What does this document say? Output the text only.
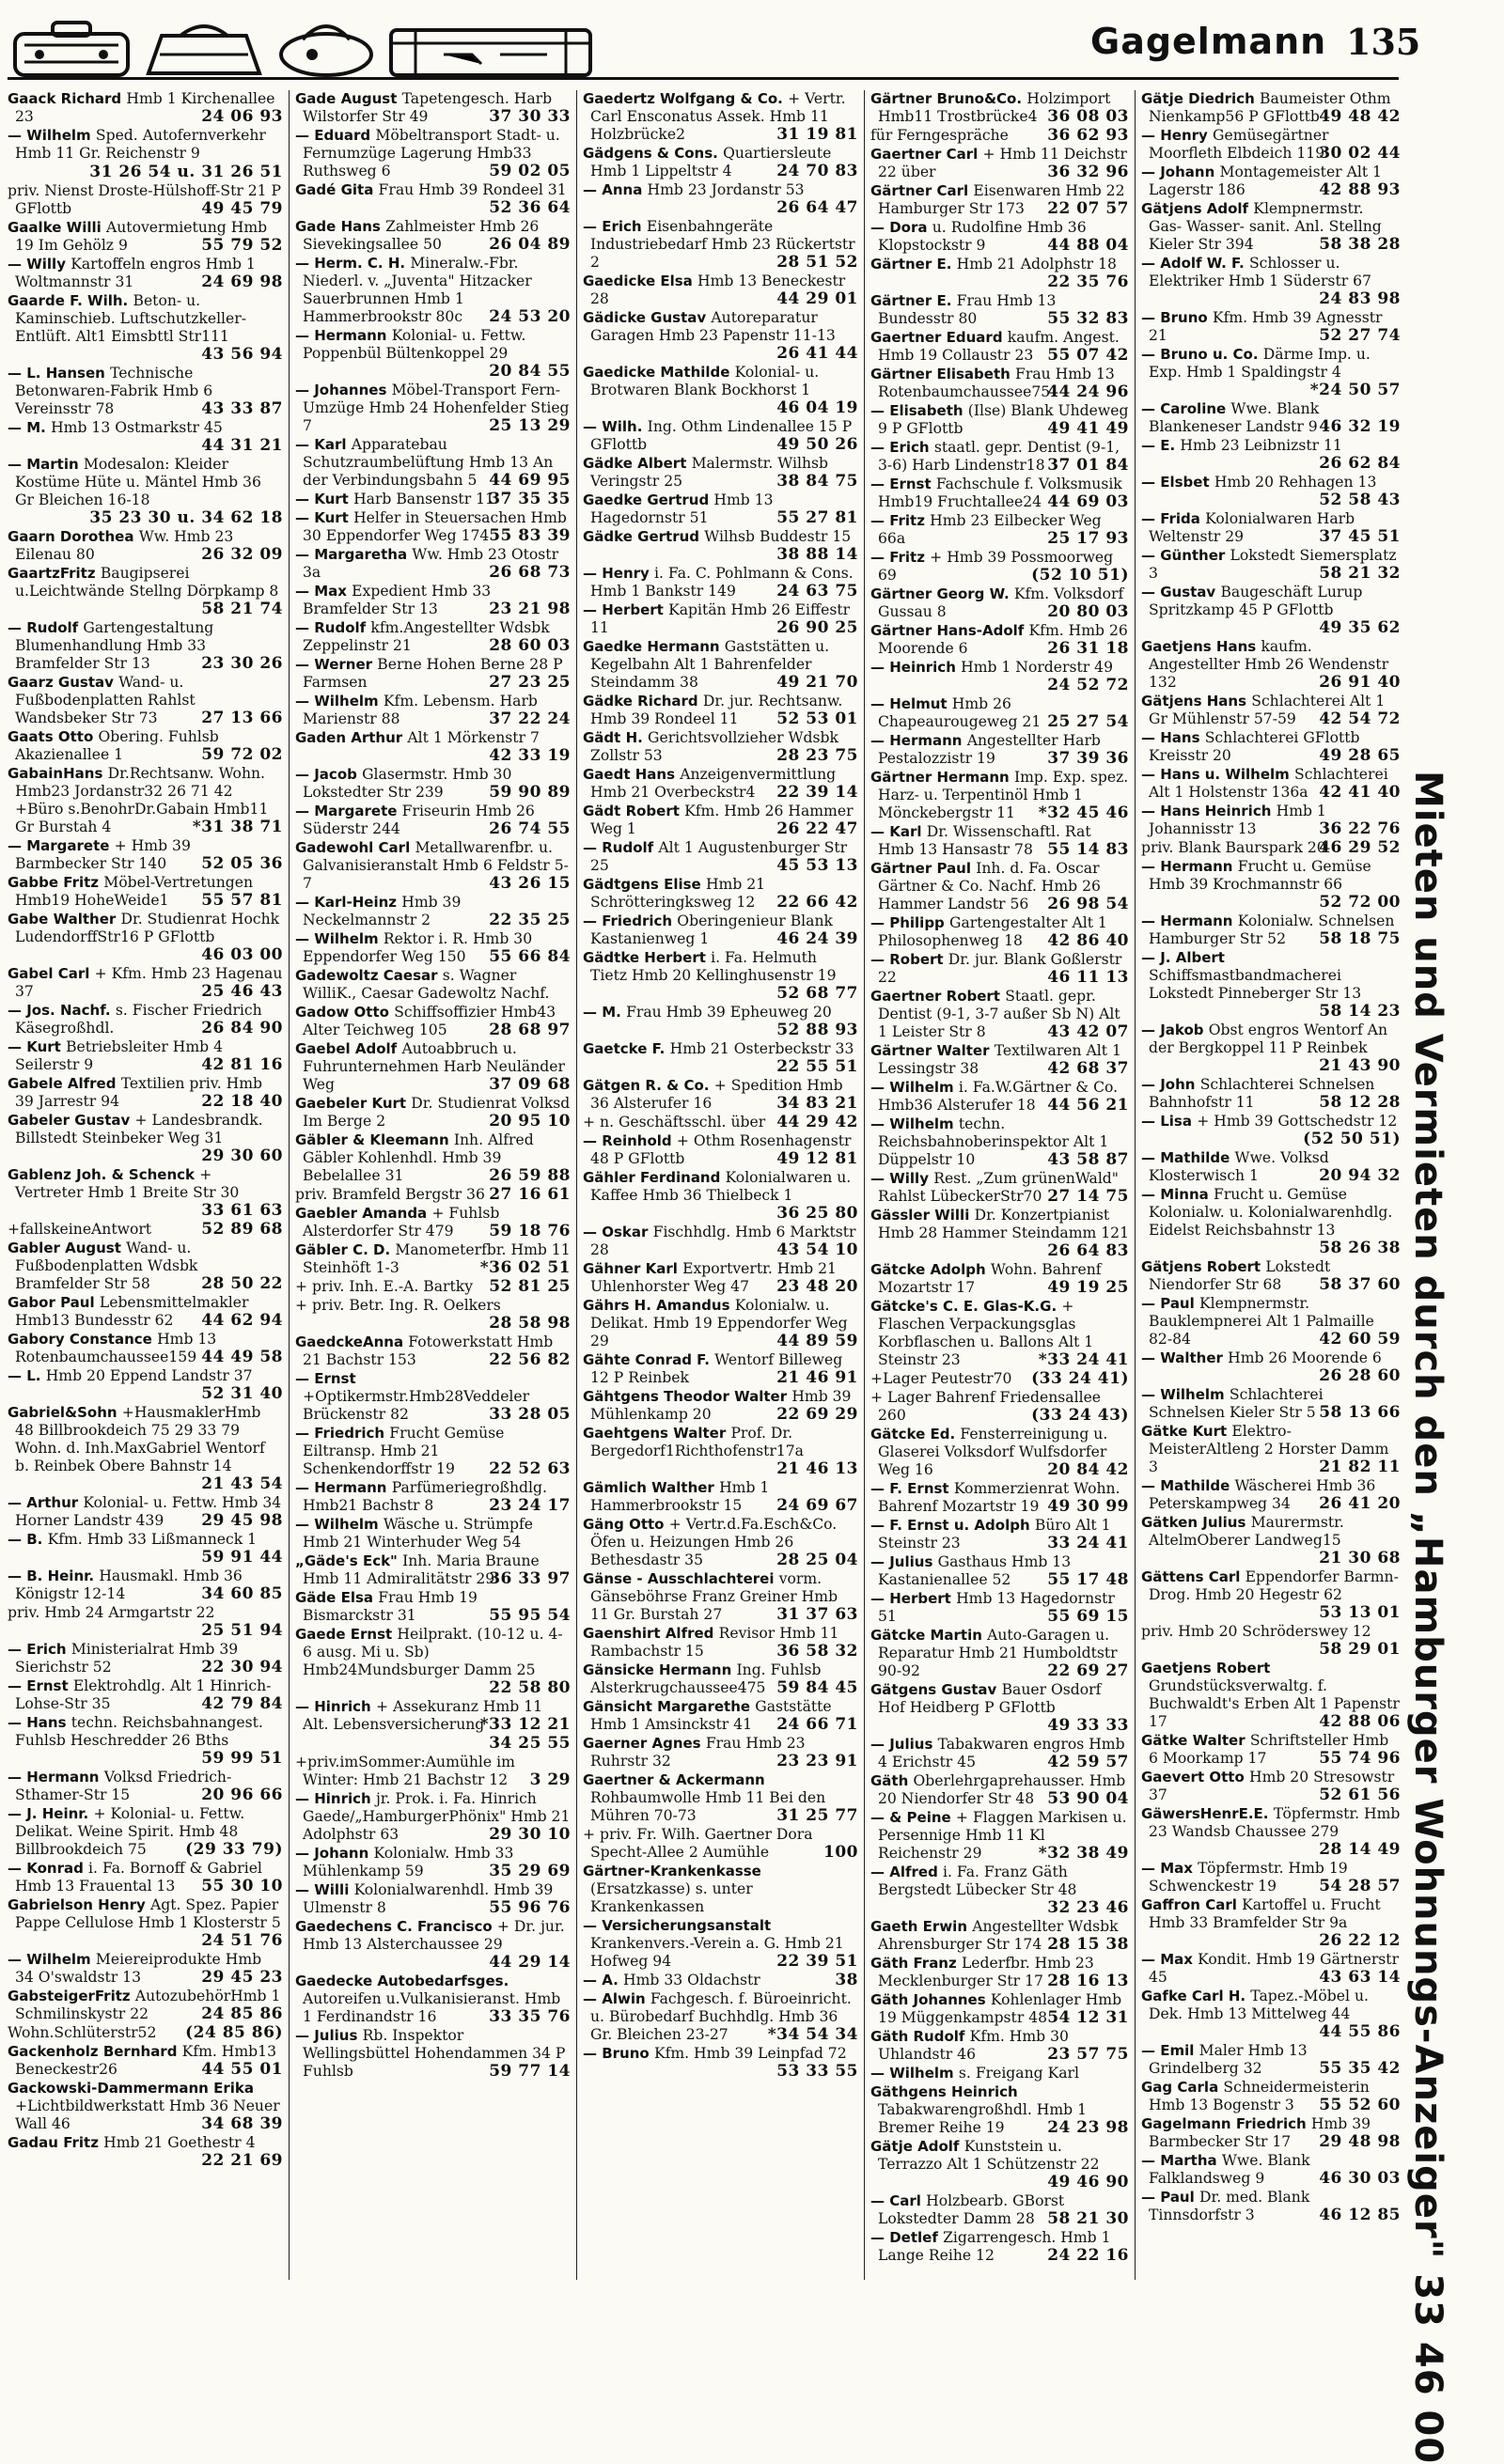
Gagelmann 135
Gaack Richard Hmb 1 Kirchenallee 23	24 06 93
— Wilhelm Sped. Autofernverkehr Hmb 11 Gr. Reichenstr 9
31 26 54 u. 31 26 51
priv. Nienst Droste-Hülshoff-Str 21 P GFlottb	49 45 79
Gaalke Willi Autovermietung Hmb 19 Im Gehölz 9	55 79 52
— Willy Kartoffeln engros Hmb 1 Woltmannstr 31	24 69 98
Gaarde F. Wilh. Beton- u. Kaminschieb. Luftschutzkeller-Entlüft. Alt1 Eimsbttl Str111
43 56 94
— L. Hansen Technische Betonwaren-Fabrik Hmb 6 Vereinsstr 78	43 33 87
— M. Hmb 13 Ostmarkstr 45
44 31 21
— Martin Modesalon: Kleider Kostüme Hüte u. Mäntel Hmb 36 Gr Bleichen 16-18
35 23 30 u. 34 62 18
Gaarn Dorothea Ww. Hmb 23 Eilenau 80	26 32 09
GaartzFritz Baugipserei u.Leichtwände Stellng Dörpkamp 8
58 21 74
— Rudolf Gartengestaltung Blumenhandlung Hmb 33 Bramfelder Str 13	23 30 26
Gaarz Gustav Wand- u. Fußbodenplatten Rahlst Wandsbeker Str 73	27 13 66
Gaats Otto Obering. Fuhlsb Akazienallee 1	59 72 02
GabainHans Dr.Rechtsanw. Wohn. Hmb23 Jordanstr32 26 71 42 +Büro s.BenohrDr.Gabain Hmb11 Gr Burstah 4	*31 38 71
— Margarete + Hmb 39 Barmbecker Str 140 52 05 36
Gabbe Fritz Möbel-Vertretungen Hmb19 HoheWeide1 55 57 81
Gabe Walther Dr. Studienrat Hochk LudendorffStr16 P GFlottb
46 03 00
Gabel Carl + Kfm. Hmb 23 Hagenau 37	25 46 43
— Jos. Nachf. s. Fischer Friedrich Käsegroßhdl.	26 84 90
— Kurt Betriebsleiter Hmb 4 Seilerstr 9	42 81 16
Gabele Alfred Textilien priv. Hmb 39 Jarrestr 94	22 18 40
Gabeler Gustav + Landesbrandk. Billstedt Steinbeker Weg 31
29 30 60
Gablenz Joh. & Schenck + Vertreter Hmb 1 Breite Str 30
33 61 63
+fallskeineAntwort	52 89 68
Gabler August Wand- u. Fußbodenplatten Wdsbk Bramfelder Str 58	28 50 22
Gabor Paul Lebensmittelmakler Hmb13 Bundesstr 62 44 62 94
Gabory Constance Hmb 13 Rotenbaumchaussee159 44 49 58
— L. Hmb 20 Eppend Landstr 37
52 31 40
Gabriel&Sohn +HausmaklerHmb 48 Billbrookdeich 75 29 33 79 Wohn. d. Inh.MaxGabriel Wentorf b. Reinbek Obere Bahnstr 14
21 43 54
— Arthur Kolonial- u. Fettw. Hmb 34 Horner Landstr 439 29 45 98
— B. Kfm. Hmb 33 Lißmanneck 1
59 91 44
— B. Heinr. Hausmakl. Hmb 36 Königstr 12-14	34 60 85
priv. Hmb 24 Armgartstr 22
25 51 94
— Erich Ministerialrat Hmb 39 Sierichstr 52	22 30 94
— Ernst Elektrohdlg. Alt 1 Hinrich-Lohse-Str 35	42 79 84
— Hans techn. Reichsbahnangest. Fuhlsb Heschredder 26 Bths
59 99 51
— Hermann Volksd Friedrich-Sthamer-Str 15	20 96 66
— J. Heinr. + Kolonial- u. Fettw. Delikat. Weine Spirit. Hmb 48 Billbrookdeich 75 (29 33 79)
— Konrad i. Fa. Bornoff & Gabriel Hmb 13 Frauental 13 55 30 10
Gabrielson Henry Agt. Spez. Papier Pappe Cellulose Hmb 1 Klosterstr 5
24 51 76
— Wilhelm Meiereiprodukte Hmb 34 O'swaldstr 13	29 45 23
GabsteigerFritz AutozubehörHmb 1 Schmilinskystr 22	24 85 86
Wohn.Schlüterstr52 (24 85 86)
Gackenholz Bernhard Kfm. Hmb13 Beneckestr26	44 55 01
Gackowski-Dammermann Erika +Lichtbildwerkstatt Hmb 36 Neuer Wall 46	34 68 39
Gadau Fritz Hmb 21 Goethestr 4
22 21 69
Gade August Tapetengesch. Harb Wilstorfer Str 49	37 30 33
— Eduard Möbeltransport Stadt- u. Fernumzüge Lagerung Hmb33 Ruthsweg 6	59 02 05
Gadé Gita Frau Hmb 39 Rondeel 31
52 36 64
Gade Hans Zahlmeister Hmb 26 Sievekingsallee 50	26 04 89
— Herm. C. H. Mineralw.-Fbr. Niederl. v. „Juventa" Hitzacker Sauerbrunnen Hmb 1 Hammerbrookstr 80c 24 53 20
— Hermann Kolonial- u. Fettw. Poppenbül Bültenkoppel 29
20 84 55
— Johannes Möbel-Transport Fern-Umzüge Hmb 24 Hohenfelder Stieg 7	25 13 29
— Karl Apparatebau Schutzraumbelüftung Hmb 13 An der Verbindungsbahn 5 44 69 95
— Kurt Harb Bansenstr 11
37 35 35
— Kurt Helfer in Steuersachen Hmb 30 Eppendorfer Weg 174 55 83 39
— Margaretha Ww. Hmb 23 Otostr 3a	26 68 73
— Max Expedient Hmb 33 Bramfelder Str 13	23 21 98
— Rudolf kfm.Angestellter Wdsbk Zeppelinstr 21	28 60 03
— Werner Berne Hohen Berne 28 P Farmsen	27 23 25
— Wilhelm Kfm. Lebensm. Harb Marienstr 88	37 22 24
Gaden Arthur Alt 1 Mörkenstr 7
42 33 19
— Jacob Glasermstr. Hmb 30 Lokstedter Str 239	59 90 89
— Margarete Friseurin Hmb 26 Süderstr 244	26 74 55
Gadewohl Carl Metallwarenfbr. u. Galvanisieranstalt Hmb 6 Feldstr 5-7	43 26 15
— Karl-Heinz Hmb 39 Neckelmannstr 2	22 35 25
— Wilhelm Rektor i. R. Hmb 30 Eppendorfer Weg 150 55 66 84
Gadewoltz Caesar s. Wagner WilliK., Caesar Gadewoltz Nachf.
Gadow Otto Schiffsoffizier Hmb43 Alter Teichweg 105	28 68 97
Gaebel Adolf Autoabbruch u. Fuhrunternehmen Harb Neuländer Weg	37 09 68
Gaebeler Kurt Dr. Studienrat Volksd Im Berge 2	20 95 10
Gäbler & Kleemann Inh. Alfred Gäbler Kohlenhdl. Hmb 39 Bebelallee 31	26 59 88
priv. Bramfeld Bergstr 36 27 16 61
Gaebler Amanda + Fuhlsb Alsterdorfer Str 479 59 18 76
Gäbler C. D. Manometerfbr. Hmb 11 Steinhöft 1-3	*36 02 51
+ priv. Inh. E.-A. Bartky 52 81 25
+ priv. Betr. Ing. R. Oelkers
28 58 98
GaedckeAnna Fotowerkstatt Hmb 21 Bachstr 153	22 56 82
— Ernst +Optikermstr.Hmb28Veddeler Brückenstr 82	33 28 05
— Friedrich Frucht Gemüse Eiltransp. Hmb 21 Schenkendorffstr 19 22 52 63
— Hermann Parfümeriegroßhdlg. Hmb21 Bachstr 8	23 24 17
— Wilhelm Wäsche u. Strümpfe Hmb 21 Winterhuder Weg 54
„Gäde's Eck" Inh. Maria Braune Hmb 11 Admiralitätstr 29
36 33 97
Gäde Elsa Frau Hmb 19 Bismarckstr 31	55 95 54
Gaede Ernst Heilprakt. (10-12 u. 4-6 ausg. Mi u. Sb) Hmb24Mundsburger Damm 25
22 58 80
— Hinrich + Assekuranz Hmb 11 Alt. Lebensversicherung
*33 12 21
34 25 55
+priv.imSommer:Aumühle im Winter: Hmb 21 Bachstr 12 3 29
— Hinrich jr. Prok. i. Fa. Hinrich Gaede/„HamburgerPhönix" Hmb 21 Adolphstr 63	29 30 10
— Johann Kolonialw. Hmb 33 Mühlenkamp 59	35 29 69
— Willi Kolonialwarenhdl. Hmb 39 Ulmenstr 8	55 96 76
Gaedechens C. Francisco + Dr. jur. Hmb 13 Alsterchaussee 29
44 29 14
Gaedecke Autobedarfsges. Autoreifen u.Vulkanisieranst. Hmb 1 Ferdinandstr 16	33 35 76
— Julius Rb. Inspektor Wellingsbüttel Hohendammen 34 P Fuhlsb	59 77 14
Gaedertz Wolfgang & Co. + Vertr. Carl Ensconatus Assek. Hmb 11 Holzbrücke2	31 19 81
Gädgens & Cons. Quartiersleute Hmb 1 Lippeltstr 4	24 70 83
— Anna Hmb 23 Jordanstr 53
26 64 47
— Erich Eisenbahngeräte Industriebedarf Hmb 23 Rückertstr 2	28 51 52
Gaedicke Elsa Hmb 13 Beneckestr 28	44 29 01
Gädicke Gustav Autoreparatur Garagen Hmb 23 Papenstr 11-13
26 41 44
Gaedicke Mathilde Kolonial- u. Brotwaren Blank Bockhorst 1
46 04 19
— Wilh. Ing. Othm Lindenallee 15 P GFlottb	49 50 26
Gädke Albert Malermstr. Wilhsb Veringstr 25	38 84 75
Gaedke Gertrud Hmb 13 Hagedornstr 51	55 27 81
Gädke Gertrud Wilhsb Buddestr 15
38 88 14
— Henry i. Fa. C. Pohlmann & Cons. Hmb 1 Bankstr 149	24 63 75
— Herbert Kapitän Hmb 26 Eiffestr 11	26 90 25
Gaedke Hermann Gaststätten u. Kegelbahn Alt 1 Bahrenfelder Steindamm 38	49 21 70
Gädke Richard Dr. jur. Rechtsanw. Hmb 39 Rondeel 11 52 53 01
Gädt H. Gerichtsvollzieher Wdsbk Zollstr 53	28 23 75
Gaedt Hans Anzeigenvermittlung Hmb 21 Overbeckstr4 22 39 14
Gädt Robert Kfm. Hmb 26 Hammer Weg 1	26 22 47
— Rudolf Alt 1 Augustenburger Str 25	45 53 13
Gädtgens Elise Hmb 21 Schrötteringksweg 12 22 66 42
— Friedrich Oberingenieur Blank Kastanienweg 1	46 24 39
Gädtke Herbert i. Fa. Helmuth Tietz Hmb 20 Kellinghusenstr 19
52 68 77
— M. Frau Hmb 39 Epheuweg 20
52 88 93
Gaetcke F. Hmb 21 Osterbeckstr 33
22 55 51
Gätgen R. & Co. + Spedition Hmb 36 Alsterufer 16	34 83 21
+ n. Geschäftsschl. über 44 29 42
— Reinhold + Othm Rosenhagenstr 48 P GFlottb	49 12 81
Gähler Ferdinand Kolonialwaren u. Kaffee Hmb 36 Thielbeck 1
36 25 80
— Oskar Fischhdlg. Hmb 6 Marktstr 28	43 54 10
Gähner Karl Exportvertr. Hmb 21 Uhlenhorster Weg 47 23 48 20
Gährs H. Amandus Kolonialw. u. Delikat. Hmb 19 Eppendorfer Weg 29	44 89 59
Gähte Conrad F. Wentorf Billeweg 12 P Reinbek	21 46 91
Gähtgens Theodor Walter Hmb 39 Mühlenkamp 20	22 69 29
Gaehtgens Walter Prof. Dr. Bergedorf1Richthofenstr17a
21 46 13
Gämlich Walther Hmb 1 Hammerbrookstr 15 24 69 67
Gäng Otto + Vertr.d.Fa.Esch&Co. Öfen u. Heizungen Hmb 26 Bethesdastr 35	28 25 04
Gänse - Ausschlachterei vorm. Gänseböhrse Franz Greiner Hmb 11 Gr. Burstah 27	31 37 63
Gaenshirt Alfred Revisor Hmb 11 Rambachstr 15	36 58 32
Gänsicke Hermann Ing. Fuhlsb Alsterkrugchaussee475 59 84 45
Gänsicht Margarethe Gaststätte Hmb 1 Amsinckstr 41 24 66 71
Gaerner Agnes Frau Hmb 23 Ruhrstr 32	23 23 91
Gaertner & Ackermann Rohbaumwolle Hmb 11 Bei den Mühren 70-73	31 25 77
+ priv. Fr. Wilh. Gaertner Dora Specht-Allee 2 Aumühle	100
Gärtner-Krankenkasse (Ersatzkasse) s. unter Krankenkassen
— Versicherungsanstalt Krankenvers.-Verein a. G. Hmb 21 Hofweg 94	22 39 51
— A. Hmb 33 Oldachstr	38
— Alwin Fachgesch. f. Büroeinricht. u. Bürobedarf Buchhdlg. Hmb 36 Gr. Bleichen 23-27 *34 54 34
— Bruno Kfm. Hmb 39 Leinpfad 72
53 33 55
Gärtner Bruno&Co. Holzimport Hmb11 Trostbrücke4 36 08 03
für Ferngespräche 36 62 93
Gaertner Carl + Hmb 11 Deichstr 22 über	36 32 96
Gärtner Carl Eisenwaren Hmb 22 Hamburger Str 173 22 07 57
— Dora u. Rudolfine Hmb 36 Klopstockstr 9	44 88 04
Gärtner E. Hmb 21 Adolphstr 18
22 35 76
Gärtner E. Frau Hmb 13 Bundesstr 80	55 32 83
Gaertner Eduard kaufm. Angest. Hmb 19 Collaustr 23 55 07 42
Gärtner Elisabeth Frau Hmb 13 Rotenbaumchaussee75
44 24 96
— Elisabeth (Ilse) Blank Uhdeweg 9 P GFlottb	49 41 49
— Erich staatl. gepr. Dentist (9-1, 3-6) Harb Lindenstr18 37 01 84
— Ernst Fachschule f. Volksmusik Hmb19 Fruchtallee24 44 69 03
— Fritz Hmb 23 Eilbecker Weg 66a	25 17 93
— Fritz + Hmb 39 Possmoorweg 69	(52 10 51)
Gärtner Georg W. Kfm. Volksdorf Gussau 8	20 80 03
Gärtner Hans-Adolf Kfm. Hmb 26 Moorende 6	26 31 18
— Heinrich Hmb 1 Norderstr 49
24 52 72
— Helmut Hmb 26 Chapeaurougeweg 21 25 27 54
— Hermann Angestellter Harb Pestalozzistr 19	37 39 36
Gärtner Hermann Imp. Exp. spez. Harz- u. Terpentinöl Hmb 1 Mönckebergstr 11 *32 45 46
— Karl Dr. Wissenschaftl. Rat Hmb 13 Hansastr 78 55 14 83
Gärtner Paul Inh. d. Fa. Oscar Gärtner & Co. Nachf. Hmb 26 Hammer Landstr 56 26 98 54
— Philipp Gartengestalter Alt 1 Philosophenweg 18 42 86 40
— Robert Dr. jur. Blank Goßlerstr 22	46 11 13
Gaertner Robert Staatl. gepr. Dentist (9-1, 3-7 außer Sb N) Alt 1 Leister Str 8	43 42 07
Gärtner Walter Textilwaren Alt 1 Lessingstr 38	42 68 37
— Wilhelm i. Fa.W.Gärtner & Co. Hmb36 Alsterufer 18 44 56 21
— Wilhelm techn. Reichsbahnoberinspektor Alt 1 Düppelstr 10	43 58 87
— Willy Rest. „Zum grünenWald" Rahlst LübeckerStr70 27 14 75
Gässler Willi Dr. Konzertpianist Hmb 28 Hammer Steindamm 121
26 64 83
Gätcke Adolph Wohn. Bahrenf Mozartstr 17	49 19 25
Gätcke's C. E. Glas-K.G. + Flaschen Verpackungsglas Korbflaschen u. Ballons Alt 1 Steinstr 23	*33 24 41
+Lager Peutestr70 (33 24 41)
+ Lager Bahrenf Friedensallee 260	(33 24 43)
Gätcke Ed. Fensterreinigung u. Glaserei Volksdorf Wulfsdorfer Weg 16	20 84 42
— F. Ernst Kommerzienrat Wohn. Bahrenf Mozartstr 19 49 30 99
— F. Ernst u. Adolph Büro Alt 1 Steinstr 23	33 24 41
— Julius Gasthaus Hmb 13 Kastanienallee 52 55 17 48
— Herbert Hmb 13 Hagedornstr 51	55 69 15
Gätcke Martin Auto-Garagen u. Reparatur Hmb 21 Humboldtstr 90-92	22 69 27
Gätgens Gustav Bauer Osdorf Hof Heidberg P GFlottb
49 33 33
— Julius Tabakwaren engros Hmb 4 Erichstr 45	42 59 57
Gäth Oberlehrgaprehausser. Hmb 20 Niendorfer Str 48 53 90 04
— & Peine + Flaggen Markisen u. Persennige Hmb 11 Kl Reichenstr 29	*32 38 49
— Alfred i. Fa. Franz Gäth Bergstedt Lübecker Str 48
32 23 46
Gaeth Erwin Angestellter Wdsbk Ahrensburger Str 174 28 15 38
Gäth Franz Lederfbr. Hmb 23 Mecklenburger Str 17 28 16 13
Gäth Johannes Kohlenlager Hmb 19 Müggenkampstr 48 54 12 31
Gäth Rudolf Kfm. Hmb 30 Uhlandstr 46	23 57 75
— Wilhelm s. Freigang Karl
Gäthgens Heinrich Tabakwarengroßhdl. Hmb 1 Bremer Reihe 19	24 23 98
Gätje Adolf Kunststein u. Terrazzo Alt 1 Schützenstr 22
49 46 90
— Carl Holzbearb. GBorst Lokstedter Damm 28 58 21 30
— Detlef Zigarrengesch. Hmb 1 Lange Reihe 12	24 22 16
Gätje Diedrich Baumeister Othm Nienkamp56 P GFlottb 49 48 42
— Henry Gemüsegärtner Moorfleth Elbdeich 119
30 02 44
— Johann Montagemeister Alt 1 Lagerstr 186	42 88 93
Gätjens Adolf Klempnermstr. Gas- Wasser- sanit. Anl. Stellng Kieler Str 394	58 38 28
— Adolf W. F. Schlosser u. Elektriker Hmb 1 Süderstr 67
24 83 98
— Bruno Kfm. Hmb 39 Agnesstr 21	52 27 74
— Bruno u. Co. Därme Imp. u. Exp. Hmb 1 Spaldingstr 4
*24 50 57
— Caroline Wwe. Blank Blankeneser Landstr 9 46 32 19
— E. Hmb 23 Leibnizstr 11
26 62 84
— Elsbet Hmb 20 Rehhagen 13
52 58 43
— Frida Kolonialwaren Harb Weltenstr 29	37 45 51
— Günther Lokstedt Siemersplatz 3	58 21 32
— Gustav Baugeschäft Lurup Spritzkamp 45 P GFlottb
49 35 62
Gaetjens Hans kaufm. Angestellter Hmb 26 Wendenstr 132	26 91 40
Gätjens Hans Schlachterei Alt 1 Gr Mühlenstr 57-59 42 54 72
— Hans Schlachterei GFlottb Kreisstr 20	49 28 65
— Hans u. Wilhelm Schlachterei Alt 1 Holstenstr 136a 42 41 40
— Hans Heinrich Hmb 1 Johannisstr 13	36 22 76
priv. Blank Baurspark 20
46 29 52
— Hermann Frucht u. Gemüse Hmb 39 Krochmannstr 66
52 72 00
— Hermann Kolonialw. Schnelsen Hamburger Str 52 58 18 75
— J. Albert Schiffsmastbandmacherei Lokstedt Pinneberger Str 13
58 14 23
— Jakob Obst engros Wentorf An der Bergkoppel 11 P Reinbek
21 43 90
— John Schlachterei Schnelsen Bahnhofstr 11	58 12 28
— Lisa + Hmb 39 Gottschedstr 12
(52 50 51)
— Mathilde Wwe. Volksd Klosterwisch 1	20 94 32
— Minna Frucht u. Gemüse Kolonialw. u. Kolonialwarenhdlg. Eidelst Reichsbahnstr 13
58 26 38
Gätjens Robert Lokstedt Niendorfer Str 68 58 37 60
— Paul Klempnermstr. Bauklempnerei Alt 1 Palmaille 82-84	42 60 59
— Walther Hmb 26 Moorende 6
26 28 60
— Wilhelm Schlachterei Schnelsen Kieler Str 5 58 13 66
Gätke Kurt Elektro-MeisterAltleng 2 Horster Damm 3	21 82 11
— Mathilde Wäscherei Hmb 36 Peterskampweg 34 26 41 20
Gätken Julius Maurermstr. AltelmOberer Landweg15
21 30 68
Gättens Carl Eppendorfer Barmn-Drog. Hmb 20 Hegestr 62
53 13 01
priv. Hmb 20 Schröderswey 12
58 29 01
Gaetjens Robert Grundstücksverwaltg. f. Buchwaldt's Erben Alt 1 Papenstr 17	42 88 06
Gätke Walter Schriftsteller Hmb 6 Moorkamp 17	55 74 96
Gaevert Otto Hmb 20 Stresowstr 37	52 61 56
GäwersHenrE.E. Töpfermstr. Hmb 23 Wandsb Chaussee 279
28 14 49
— Max Töpfermstr. Hmb 19 Schwenckestr 19	54 28 57
Gaffron Carl Kartoffel u. Frucht Hmb 33 Bramfelder Str 9a
26 22 12
— Max Kondit. Hmb 19 Gärtnerstr 45	43 63 14
Gafke Carl H. Tapez.-Möbel u. Dek. Hmb 13 Mittelweg 44
44 55 86
— Emil Maler Hmb 13 Grindelberg 32	55 35 42
Gag Carla Schneidermeisterin Hmb 13 Bogenstr 3 55 52 60
Gagelmann Friedrich Hmb 39 Barmbecker Str 17 29 48 98
— Martha Wwe. Blank Falklandsweg 9	46 30 03
— Paul Dr. med. Blank Tinnsdorfstr 3	46 12 85 Mieten und Vermieten durch den „Hamburger Wohnungs-Anzeiger" 33 46 00
